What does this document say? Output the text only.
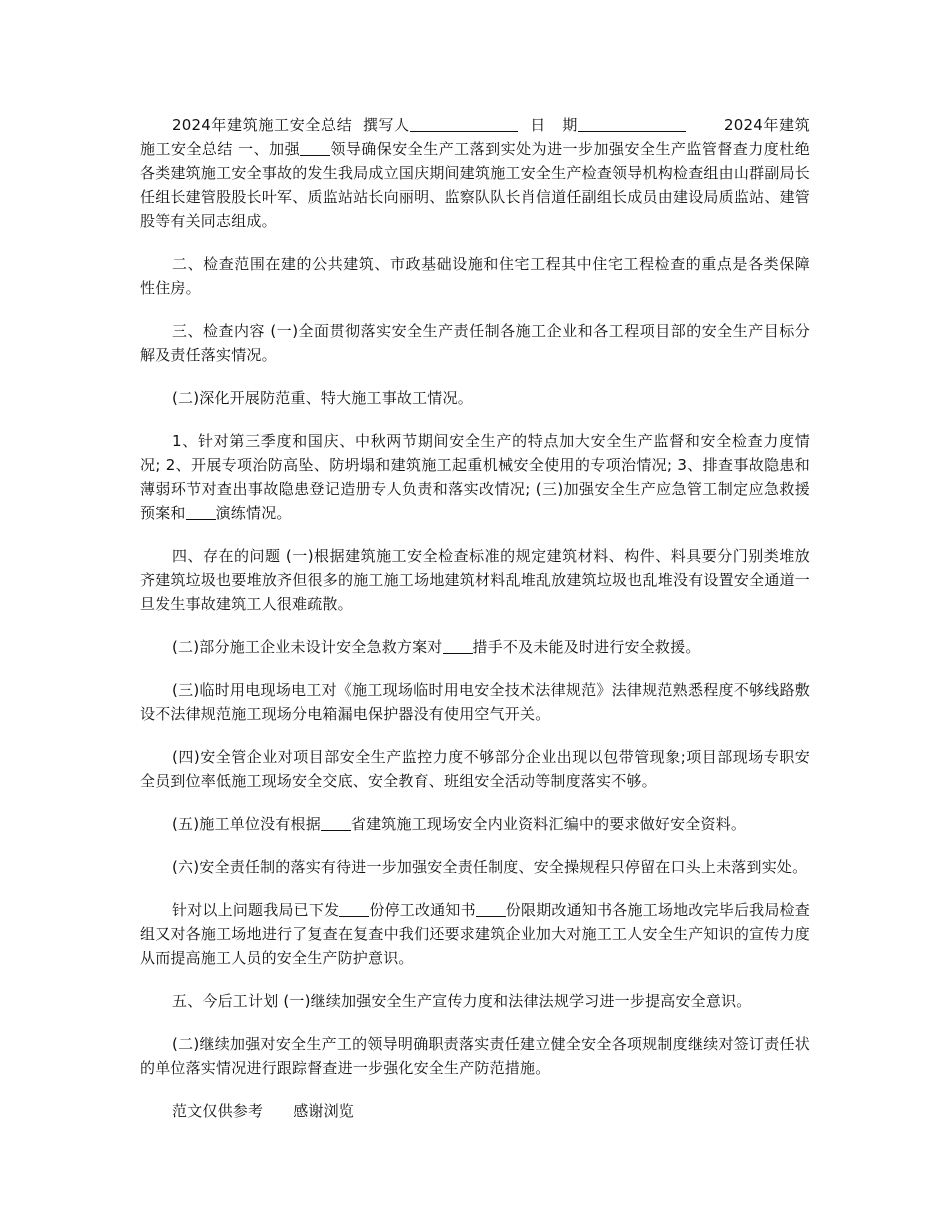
2024年建筑施工安全总结 撰写人	日 期	2024年建筑施工安全总结 一、加强 领导确保安全生产工落到实处为进一步加强安全生产监管督查力度杜绝各类建筑施工安全事故的发生我局成立国庆期间建筑施工安全生产检查领导机构检查组由山群副局长任组长建管股股长叶军、质监站站长向丽明、监察队队长肖信道任副组长成员由建设局质监站、建管股等有关同志组成。

二、检查范围在建的公共建筑、市政基础设施和住宅工程其中住宅工程检查的重点是各类保障性住房。

三、检查内容 (一)全面贯彻落实安全生产责任制各施工企业和各工程项目部的安全生产目标分解及责任落实情况。

(二)深化开展防范重、特大施工事故工情况。

1、针对第三季度和国庆、中秋两节期间安全生产的特点加大安全生产监督和安全检查力度情况; 2、开展专项治防高坠、防坍塌和建筑施工起重机械安全使用的专项治情况; 3、排查事故隐患和薄弱环节对查出事故隐患登记造册专人负责和落实改情况; (三)加强安全生产应急管工制定应急救援预案和 演练情况。

四、存在的问题 (一)根据建筑施工安全检查标准的规定建筑材料、构件、料具要分门别类堆放齐建筑垃圾也要堆放齐但很多的施工施工场地建筑材料乱堆乱放建筑垃圾也乱堆没有设置安全通道一旦发生事故建筑工人很难疏散。

(二)部分施工企业未设计安全急救方案对 措手不及未能及时进行安全救援。

(三)临时用电现场电工对《施工现场临时用电安全技术法律规范》法律规范熟悉程度不够线路敷设不法律规范施工现场分电箱漏电保护器没有使用空气开关。

(四)安全管企业对项目部安全生产监控力度不够部分企业出现以包带管现象;项目部现场专职安全员到位率低施工现场安全交底、安全教育、班组安全活动等制度落实不够。

(五)施工单位没有根据 省建筑施工现场安全内业资料汇编中的要求做好安全资料。

(六)安全责任制的落实有待进一步加强安全责任制度、安全操规程只停留在口头上未落到实处。

针对以上问题我局已下发 份停工改通知书 份限期改通知书各施工场地改完毕后我局检查组又对各施工场地进行了复查在复查中我们还要求建筑企业加大对施工工人安全生产知识的宣传力度从而提高施工人员的安全生产防护意识。

五、今后工计划 (一)继续加强安全生产宣传力度和法律法规学习进一步提高安全意识。

(二)继续加强对安全生产工的领导明确职责落实责任建立健全安全各项规制度继续对签订责任状的单位落实情况进行跟踪督查进一步强化安全生产防范措施。

范文仅供参考 感谢浏览
